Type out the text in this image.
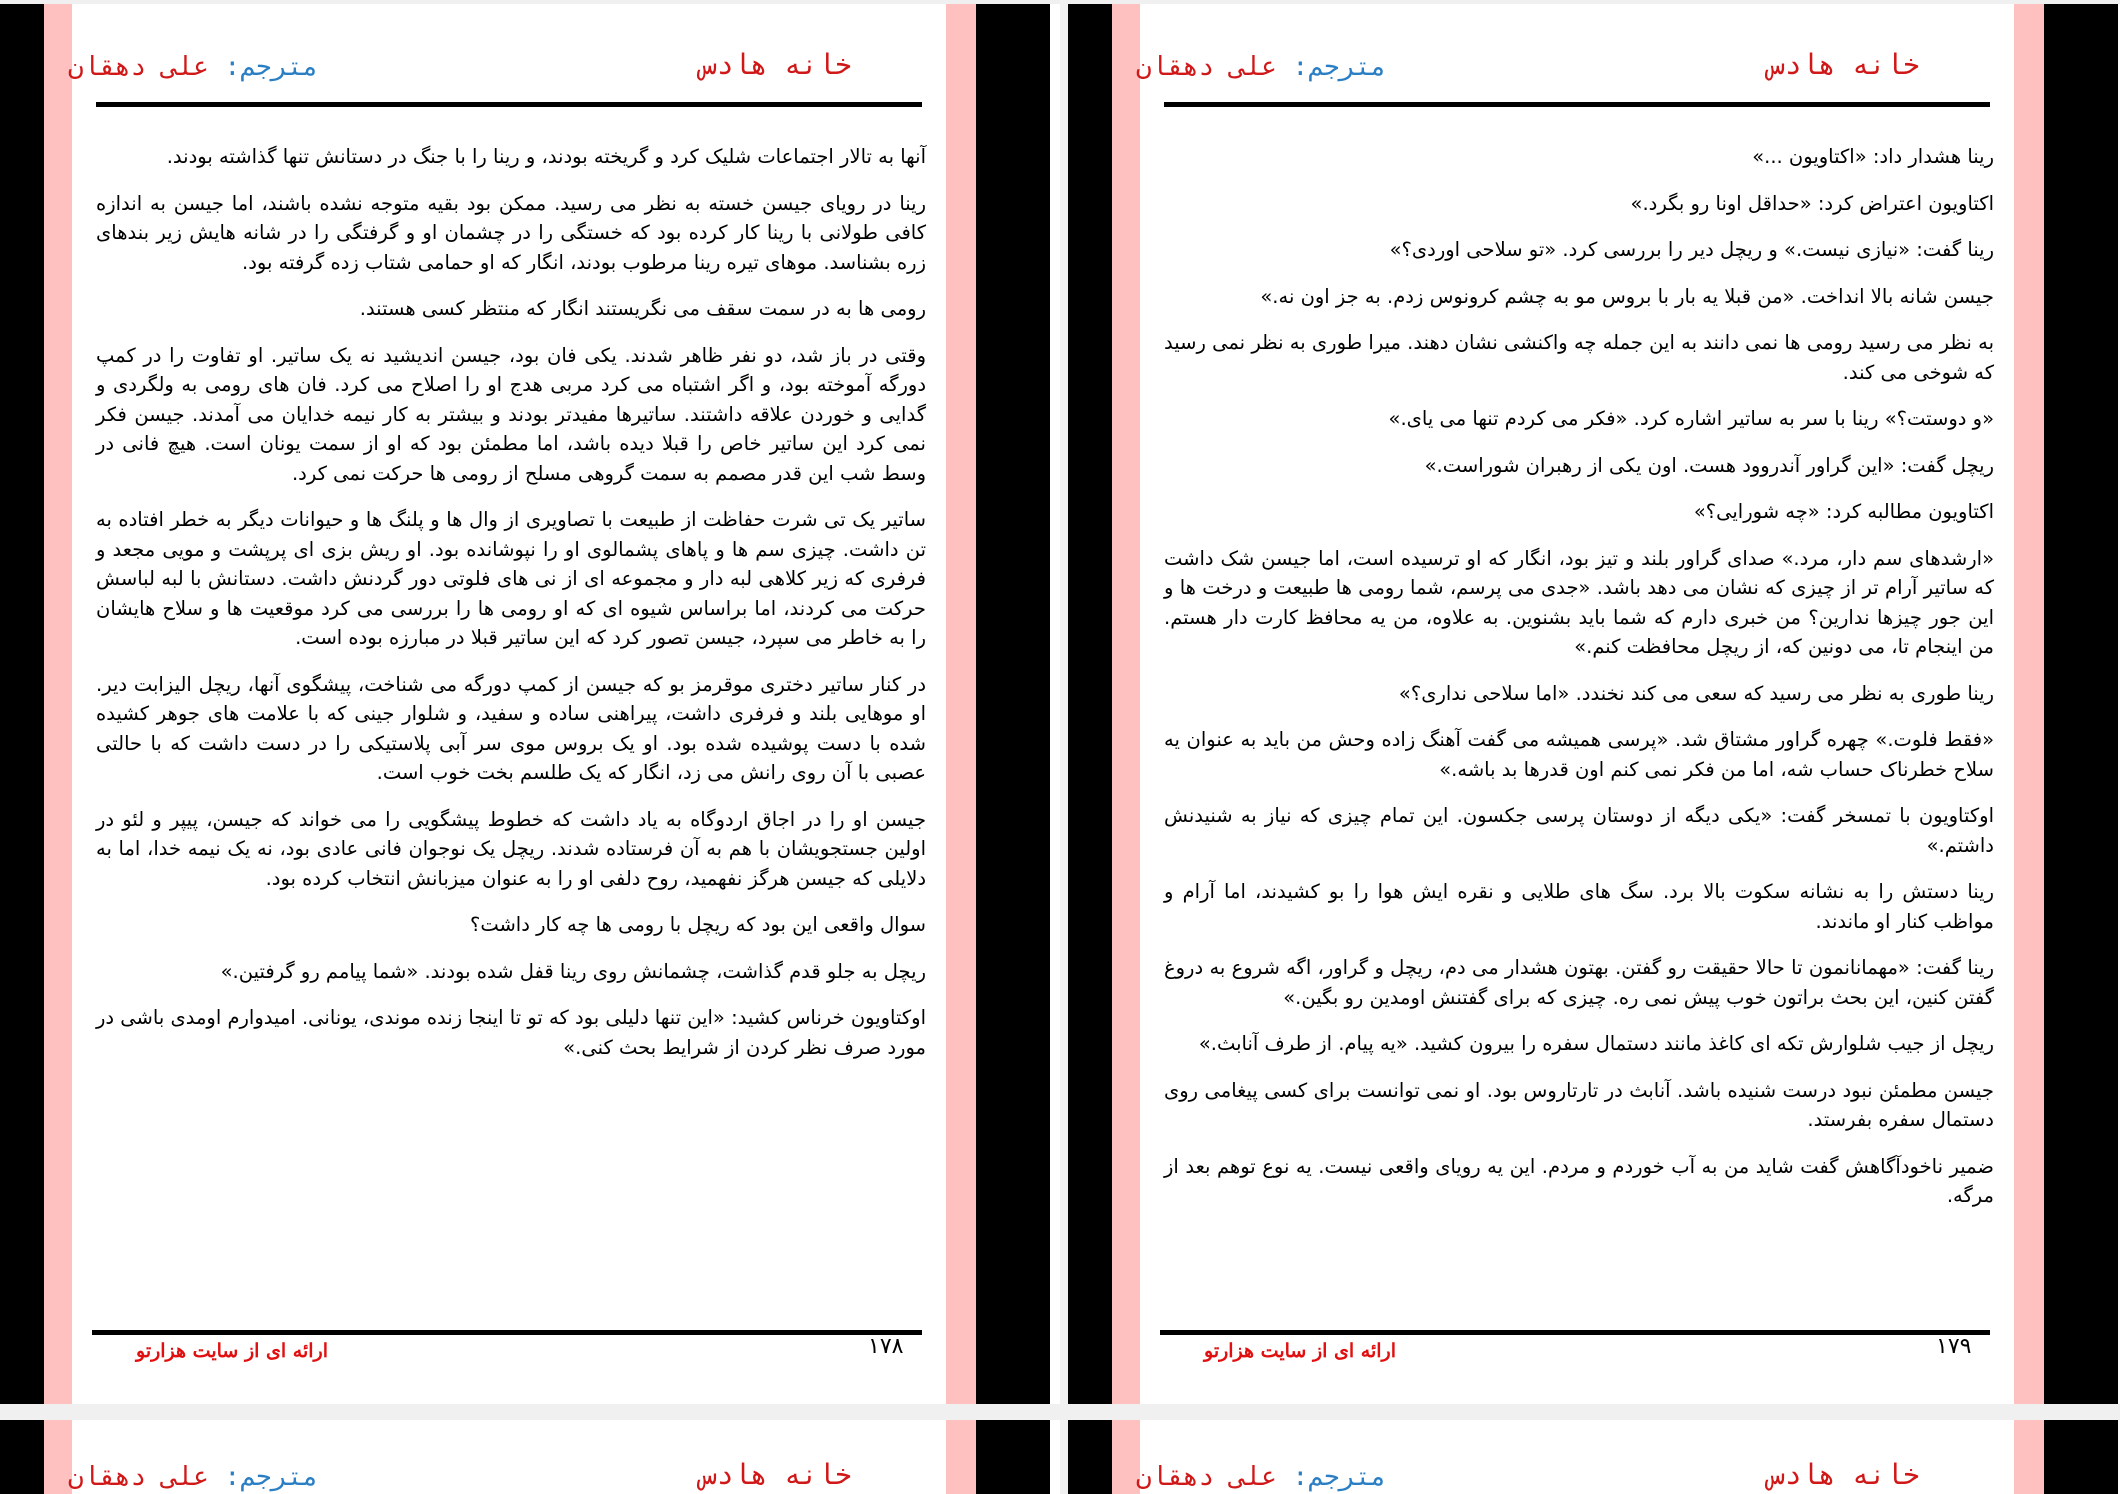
خانه هادس
مترجم: علی دهقان

آنها به تالار اجتماعات شلیک کرد و گریخته بودند، و رینا را با جنگ در دستانش تنها گذاشته بودند.

رینا در رویای جیسن خسته به نظر می رسید. ممکن بود بقیه متوجه نشده باشند، اما جیسن به اندازه کافی طولانی با رینا کار کرده بود که خستگی را در چشمان او و گرفتگی را در شانه هایش زیر بندهای زره بشناسد. موهای تیره رینا مرطوب بودند، انگار که او حمامی شتاب زده گرفته بود.

رومی ها به در سمت سقف می نگریستند انگار که منتظر کسی هستند.

وقتی در باز شد، دو نفر ظاهر شدند. یکی فان بود، جیسن اندیشید نه یک ساتیر. او تفاوت را در کمپ دورگه آموخته بود، و اگر اشتباه می کرد مربی هدج او را اصلاح می کرد. فان های رومی به ولگردی و گدایی و خوردن علاقه داشتند. ساتیرها مفیدتر بودند و بیشتر به کار نیمه خدایان می آمدند. جیسن فکر نمی کرد این ساتیر خاص را قبلا دیده باشد، اما مطمئن بود که او از سمت یونان است. هیچ فانی در وسط شب این قدر مصمم به سمت گروهی مسلح از رومی ها حرکت نمی کرد.

ساتیر یک تی شرت حفاظت از طبیعت با تصاویری از وال ها و پلنگ ها و حیوانات دیگر به خطر افتاده به تن داشت. چیزی سم ها و پاهای پشمالوی او را نپوشانده بود. او ریش بزی ای پرپشت و مویی مجعد و فرفری که زیر کلاهی لبه دار و مجموعه ای از نی های فلوتی دور گردنش داشت. دستانش با لبه لباسش حرکت می کردند، اما براساس شیوه ای که او رومی ها را بررسی می کرد موقعیت ها و سلاح هایشان را به خاطر می سپرد، جیسن تصور کرد که این ساتیر قبلا در مبارزه بوده است.

در کنار ساتیر دختری موقرمز بو که جیسن از کمپ دورگه می شناخت، پیشگوی آنها، ریچل الیزابت دیر. او موهایی بلند و فرفری داشت، پیراهنی ساده و سفید، و شلوار جینی که با علامت های جوهر کشیده شده با دست پوشیده شده بود. او یک بروس موی سر آبی پلاستیکی را در دست داشت که با حالتی عصبی با آن روی رانش می زد، انگار که یک طلسم بخت خوب است.

جیسن او را در اجاق اردوگاه به یاد داشت که خطوط پیشگویی را می خواند که جیسن، پیپر و لئو در اولین جستجویشان با هم به آن فرستاده شدند. ریچل یک نوجوان فانی عادی بود، نه یک نیمه خدا، اما به دلایلی که جیسن هرگز نفهمید، روح دلفی او را به عنوان میزبانش انتخاب کرده بود.

سوال واقعی این بود که ریچل با رومی ها چه کار داشت؟

ریچل به جلو قدم گذاشت، چشمانش روی رینا قفل شده بودند. «شما پیامم رو گرفتین.»

اوکتاویون خرناس کشید: «این تنها دلیلی بود که تو تا اینجا زنده موندی، یونانی. امیدوارم اومدی باشی در مورد صرف نظر کردن از شرایط بحث کنی.»

۱۷۸
ارائه ای از سایت هزارتو
خانه هادس
مترجم: علی دهقان

رینا هشدار داد: «اکتاویون ...»

اکتاویون اعتراض کرد: «حداقل اونا رو بگرد.»

رینا گفت: «نیازی نیست.» و ریچل دیر را بررسی کرد. «تو سلاحی اوردی؟»

جیسن شانه بالا انداخت. «من قبلا یه بار با بروس مو به چشم کرونوس زدم. به جز اون نه.»

به نظر می رسید رومی ها نمی دانند به این جمله چه واکنشی نشان دهند. میرا طوری به نظر نمی رسید که شوخی می کند.

«و دوستت؟» رینا با سر به ساتیر اشاره کرد. «فکر می کردم تنها می یای.»

ریچل گفت: «این گراور آندروود هست. اون یکی از رهبران شوراست.»

اکتاویون مطالبه کرد: «چه شورایی؟»

«ارشدهای سم دار، مرد.» صدای گراور بلند و تیز بود، انگار که او ترسیده است، اما جیسن شک داشت که ساتیر آرام تر از چیزی که نشان می دهد باشد. «جدی می پرسم، شما رومی ها طبیعت و درخت ها و این جور چیزها ندارین؟ من خبری دارم که شما باید بشنوین. به علاوه، من یه محافظ کارت دار هستم. من اینجام تا، می دونین که، از ریچل محافظت کنم.»

رینا طوری به نظر می رسید که سعی می کند نخندد. «اما سلاحی نداری؟»

«فقط فلوت.» چهره گراور مشتاق شد. «پرسی همیشه می گفت آهنگ زاده وحش من باید به عنوان یه سلاح خطرناک حساب شه، اما من فکر نمی کنم اون قدرها بد باشه.»

اوکتاویون با تمسخر گفت: «یکی دیگه از دوستان پرسی جکسون. این تمام چیزی که نیاز به شنیدنش داشتم.»

رینا دستش را به نشانه سکوت بالا برد. سگ های طلایی و نقره ایش هوا را بو کشیدند، اما آرام و مواظب کنار او ماندند.

رینا گفت: «مهمانانمون تا حالا حقیقت رو گفتن. بهتون هشدار می دم، ریچل و گراور، اگه شروع به دروغ گفتن کنین، این بحث براتون خوب پیش نمی ره. چیزی که برای گفتنش اومدین رو بگین.»

ریچل از جیب شلوارش تکه ای کاغذ مانند دستمال سفره را بیرون کشید. «یه پیام. از طرف آنابث.»

جیسن مطمئن نبود درست شنیده باشد. آنابث در تارتاروس بود. او نمی توانست برای کسی پیغامی روی دستمال سفره بفرستد.

ضمیر ناخودآگاهش گفت شاید من به آب خوردم و مردم. این یه رویای واقعی نیست. یه نوع توهم بعد از مرگه.

۱۷۹
ارائه ای از سایت هزارتو
خانه هادس
مترجم: علی دهقان	خانه هادس
مترجم: علی دهقان
